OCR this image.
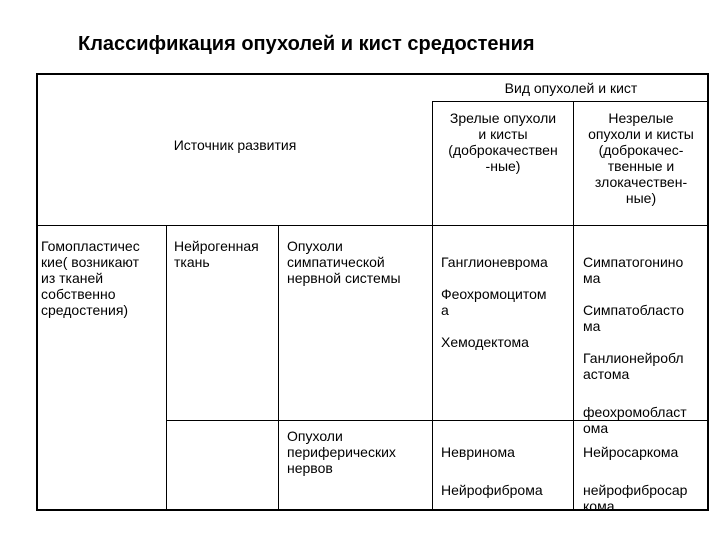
Классификация опухолей и кист средостения
Вид опухолей и кист
Источник развития
Зрелые опухоли
и кисты
(доброкачествен
-ные)
Незрелые
опухоли и кисты
(доброкачес-
твенные и
злокачествен-
ные)
Гомопластичес
кие( возникают
из тканей
собственно
средостения)
Нейрогенная
ткань
Опухоли
симпатической
нервной системы

Ганглионеврома

Феохромоцитом
а

Хемодектома

Симпатогонино
ма

Симпатобласто
ма

Ганлионейробл
астома

феохромобласт
ома

Опухоли
периферических
нервов

Невринома

Нейрофиброма

Нейросаркома

нейрофибросар
кома
